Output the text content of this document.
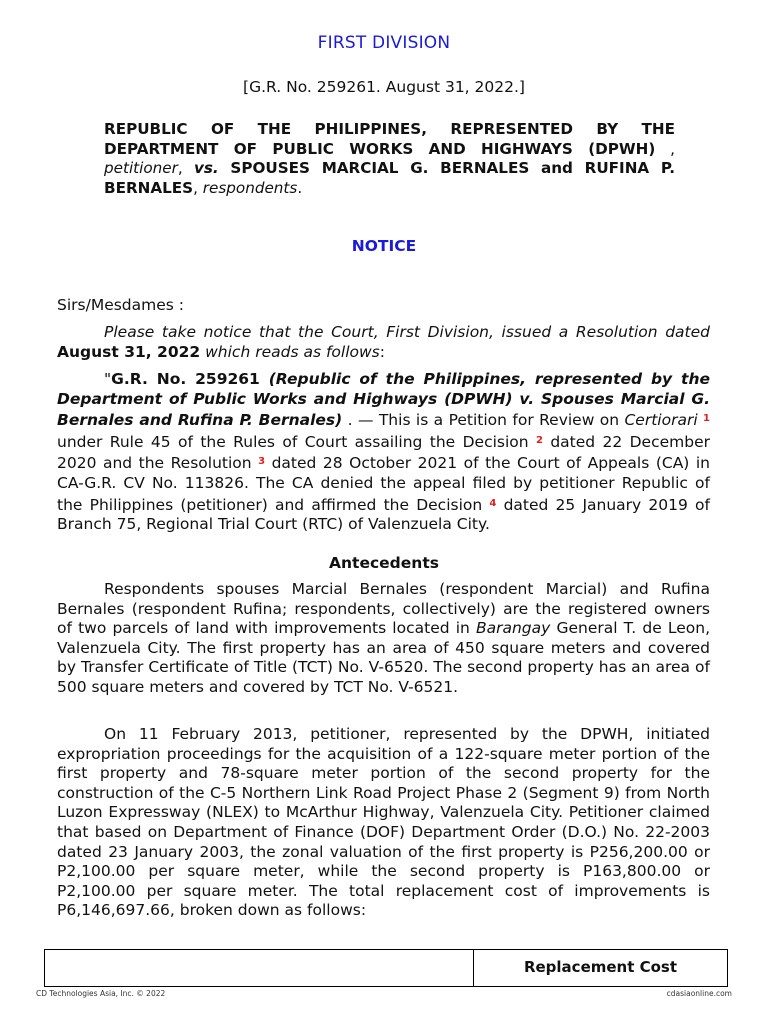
FIRST DIVISION
[G.R. No. 259261. August 31, 2022.]
REPUBLIC OF THE PHILIPPINES, REPRESENTED BY THE DEPARTMENT OF PUBLIC WORKS AND HIGHWAYS (DPWH) , petitioner, vs. SPOUSES MARCIAL G. BERNALES and RUFINA P. BERNALES, respondents.
NOTICE
Sirs/Mesdames :
Please take notice that the Court, First Division, issued a Resolution dated August 31, 2022 which reads as follows:
"G.R. No. 259261 (Republic of the Philippines, represented by the Department of Public Works and Highways (DPWH) v. Spouses Marcial G. Bernales and Rufina P. Bernales) . — This is a Petition for Review on Certiorari $^1$ under Rule 45 of the Rules of Court assailing the Decision $^2$ dated 22 December 2020 and the Resolution $^3$ dated 28 October 2021 of the Court of Appeals (CA) in CA-G.R. CV No. 113826. The CA denied the appeal filed by petitioner Republic of the Philippines (petitioner) and affirmed the Decision $^4$ dated 25 January 2019 of Branch 75, Regional Trial Court (RTC) of Valenzuela City.
Antecedents
Respondents spouses Marcial Bernales (respondent Marcial) and Rufina Bernales (respondent Rufina; respondents, collectively) are the registered owners of two parcels of land with improvements located in Barangay General T. de Leon, Valenzuela City. The first property has an area of 450 square meters and covered by Transfer Certificate of Title (TCT) No. V-6520. The second property has an area of 500 square meters and covered by TCT No. V-6521.
On 11 February 2013, petitioner, represented by the DPWH, initiated expropriation proceedings for the acquisition of a 122-square meter portion of the first property and 78-square meter portion of the second property for the construction of the C-5 Northern Link Road Project Phase 2 (Segment 9) from North Luzon Expressway (NLEX) to McArthur Highway, Valenzuela City. Petitioner claimed that based on Department of Finance (DOF) Department Order (D.O.) No. 22-2003 dated 23 January 2003, the zonal valuation of the first property is P256,200.00 or P2,100.00 per square meter, while the second property is P163,800.00 or P2,100.00 per square meter. The total replacement cost of improvements is P6,146,697.66, broken down as follows:
Replacement Cost
CD Technologies Asia, Inc. © 2022	cdasiaonline.com
